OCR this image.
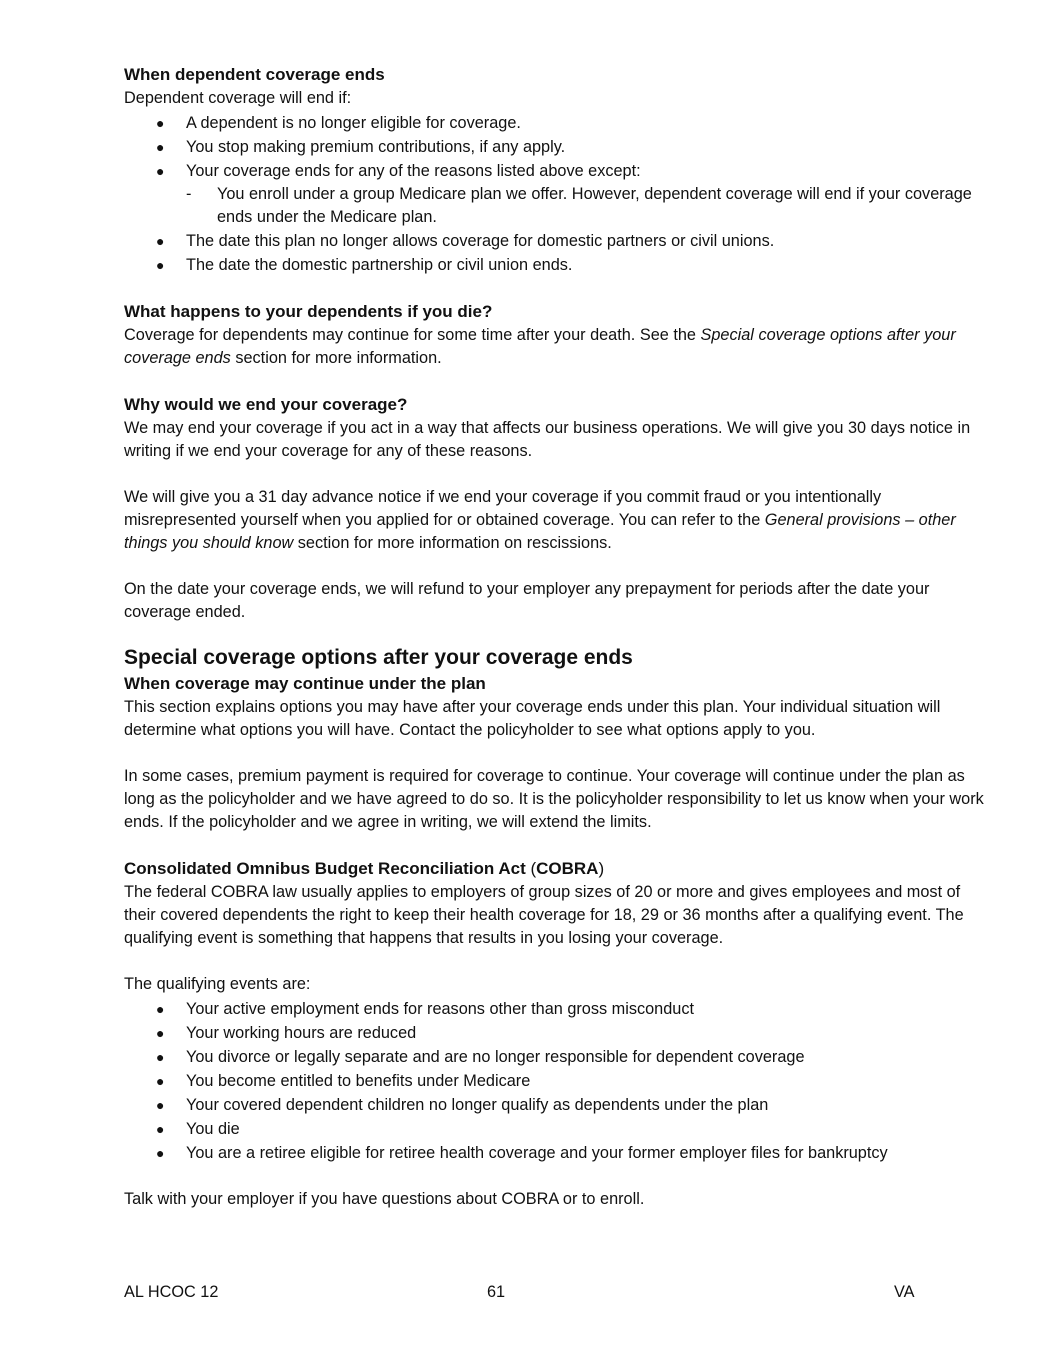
When dependent coverage ends

Dependent coverage will end if:

● A dependent is no longer eligible for coverage.
● You stop making premium contributions, if any apply.
● Your coverage ends for any of the reasons listed above except:
- You enroll under a group Medicare plan we offer. However, dependent coverage will end if your coverage ends under the Medicare plan.
● The date this plan no longer allows coverage for domestic partners or civil unions.
● The date the domestic partnership or civil union ends.
What happens to your dependents if you die?

Coverage for dependents may continue for some time after your death. See the Special coverage options after your coverage ends section for more information.

Why would we end your coverage?

We may end your coverage if you act in a way that affects our business operations. We will give you 30 days notice in writing if we end your coverage for any of these reasons.

We will give you a 31 day advance notice if we end your coverage if you commit fraud or you intentionally misrepresented yourself when you applied for or obtained coverage. You can refer to the General provisions – other things you should know section for more information on rescissions.

On the date your coverage ends, we will refund to your employer any prepayment for periods after the date your coverage ended.

Special coverage options after your coverage ends
When coverage may continue under the plan

This section explains options you may have after your coverage ends under this plan. Your individual situation will determine what options you will have. Contact the policyholder to see what options apply to you.

In some cases, premium payment is required for coverage to continue. Your coverage will continue under the plan as long as the policyholder and we have agreed to do so. It is the policyholder responsibility to let us know when your work ends. If the policyholder and we agree in writing, we will extend the limits.

Consolidated Omnibus Budget Reconciliation Act (COBRA)

The federal COBRA law usually applies to employers of group sizes of 20 or more and gives employees and most of their covered dependents the right to keep their health coverage for 18, 29 or 36 months after a qualifying event. The qualifying event is something that happens that results in you losing your coverage.

The qualifying events are:

● Your active employment ends for reasons other than gross misconduct
● Your working hours are reduced
● You divorce or legally separate and are no longer responsible for dependent coverage
● You become entitled to benefits under Medicare
● Your covered dependent children no longer qualify as dependents under the plan
● You die
● You are a retiree eligible for retiree health coverage and your former employer files for bankruptcy

Talk with your employer if you have questions about COBRA or to enroll.

AL HCOC 12	61	VA
